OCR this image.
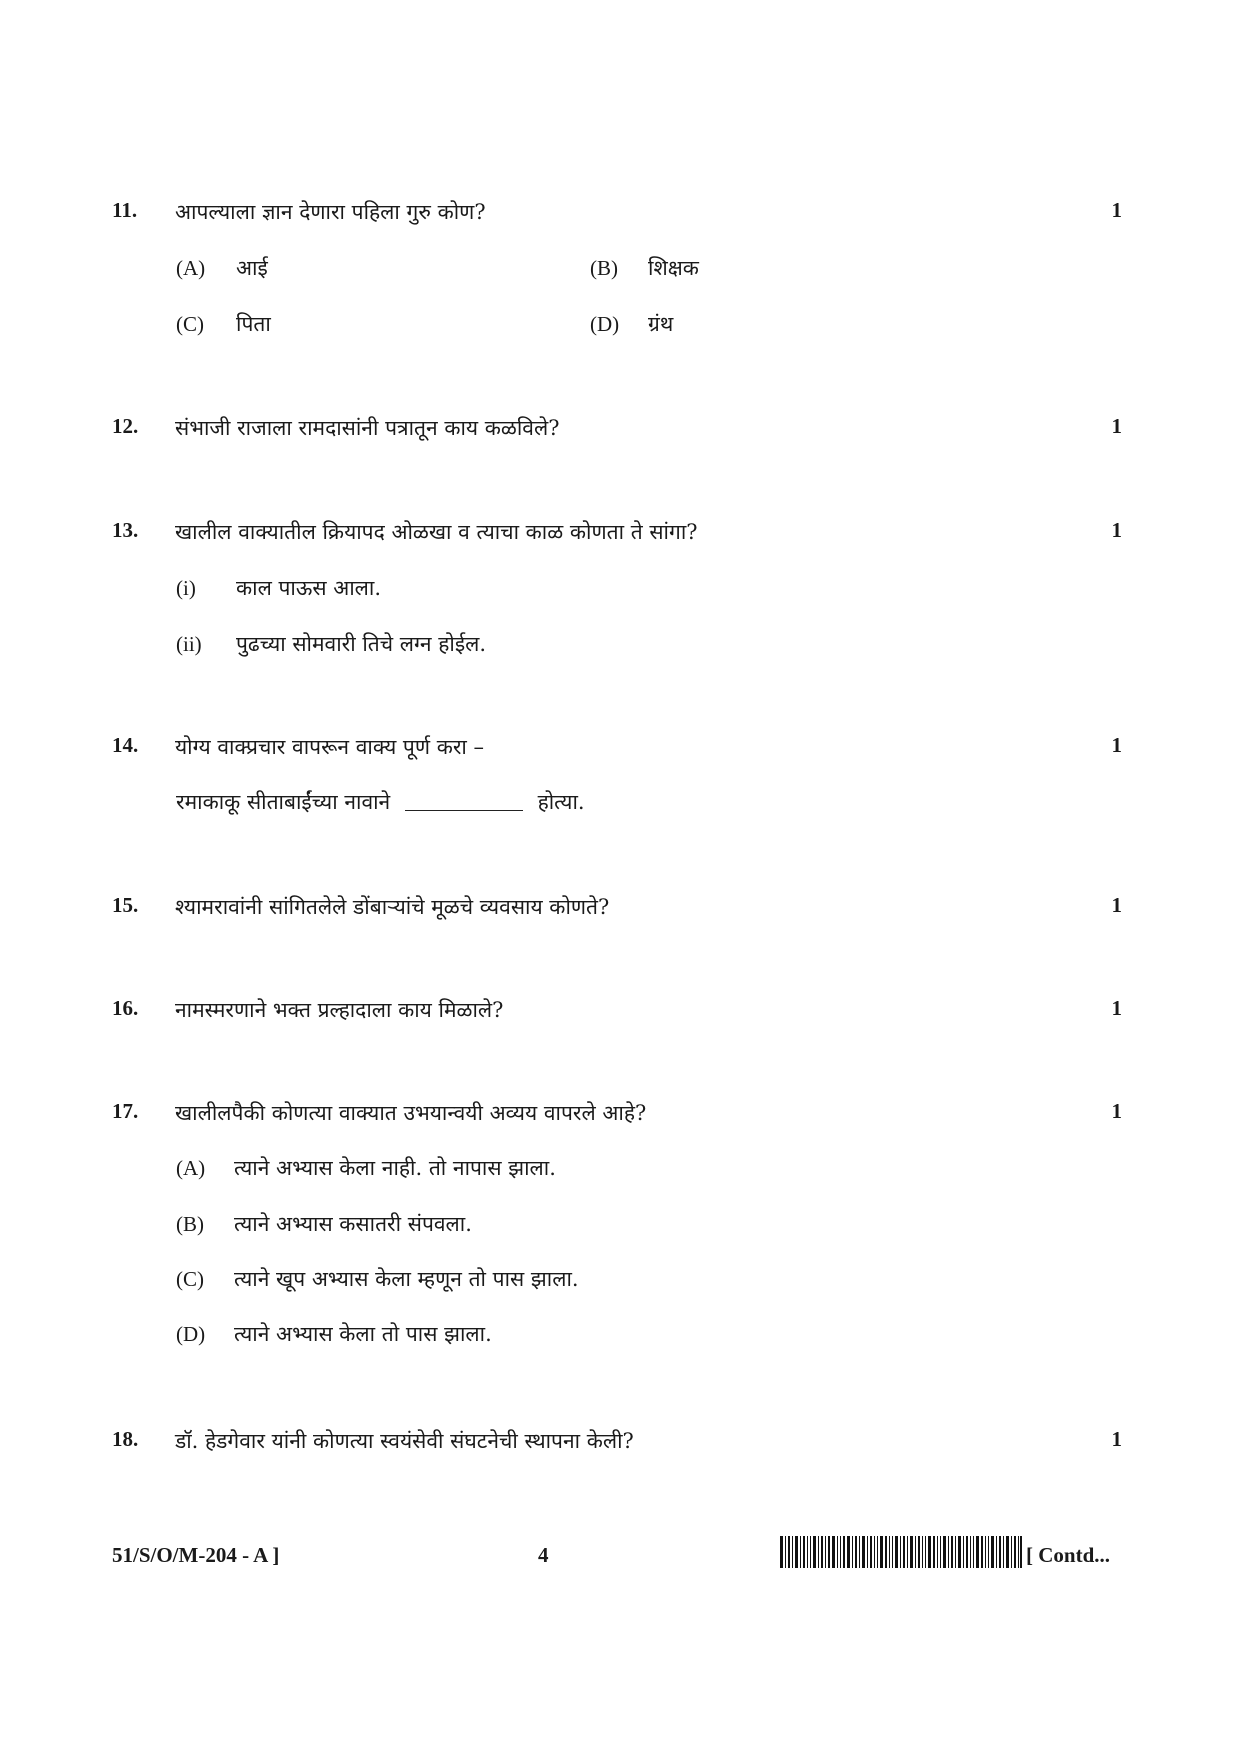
11.	आपल्याला ज्ञान देणारा पहिला गुरु कोण?	1
(A) आई	(B) शिक्षक
(C) पिता	(D) ग्रंथ
12.	संभाजी राजाला रामदासांनी पत्रातून काय कळविले?	1
13.	खालील वाक्यातील क्रियापद ओळखा व त्याचा काळ कोणता ते सांगा?	1
(i) काल पाऊस आला.
(ii) पुढच्या सोमवारी तिचे लग्न होईल.
14.	योग्य वाक्प्रचार वापरून वाक्य पूर्ण करा –	1
रमाकाकू सीताबाईंच्या नावाने	होत्या.
15.	श्यामरावांनी सांगितलेले डोंबाऱ्यांचे मूळचे व्यवसाय कोणते?	1
16.	नामस्मरणाने भक्त प्रल्हादाला काय मिळाले?	1
17.	खालीलपैकी कोणत्या वाक्यात उभयान्वयी अव्यय वापरले आहे?	1
(A) त्याने अभ्यास केला नाही. तो नापास झाला.
(B) त्याने अभ्यास कसातरी संपवला.
(C) त्याने खूप अभ्यास केला म्हणून तो पास झाला.
(D) त्याने अभ्यास केला तो पास झाला.
18.	डॉ. हेडगेवार यांनी कोणत्या स्वयंसेवी संघटनेची स्थापना केली?	1
51/S/O/M-204 - A ]	4	[ Contd...
